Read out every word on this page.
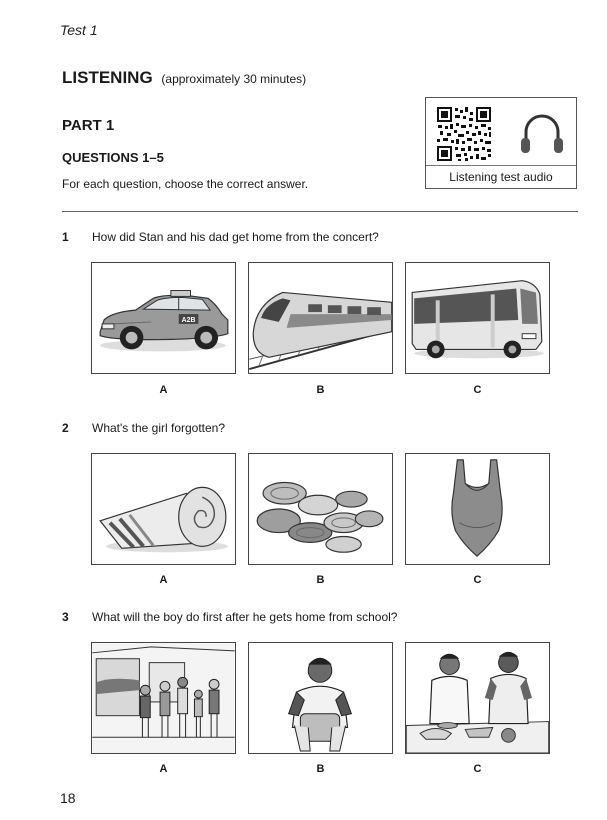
Test 1
LISTENING (approximately 30 minutes)
PART 1
QUESTIONS 1–5
For each question, choose the correct answer.	Listening test audio
1 How did Stan and his dad get home from the concert?
A2B
A	B	C
2 What's the girl forgotten?
A	B	C
3 What will the boy do first after he gets home from school?
A	B	C
18
